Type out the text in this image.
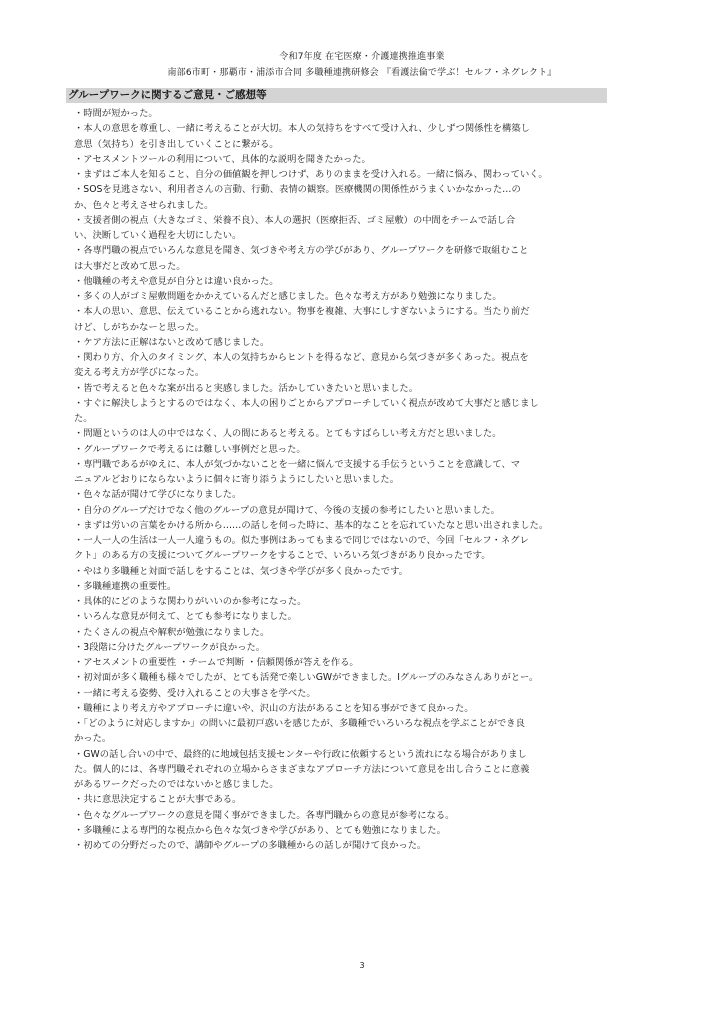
令和7年度 在宅医療・介護連携推進事業
南部6市町・那覇市・浦添市合同 多職種連携研修会 『看護法倫で学ぶ！セルフ・ネグレクト』
グループワークに関するご意見・ご感想等
・時間が短かった。
・本人の意思を尊重し、一緒に考えることが大切。本人の気持ちをすべて受け入れ、少しずつ関係性を構築し
意思（気持ち）を引き出していくことに繋がる。
・アセスメントツールの利用について、具体的な説明を聞きたかった。
・まずはご本人を知ること、自分の価値観を押しつけず、ありのままを受け入れる。一緒に悩み、関わっていく。
・SOSを見逃さない、利用者さんの言動、行動、表情の観察。医療機関の関係性がうまくいかなかった…の
か、色々と考えさせられました。
・支援者側の視点（大きなゴミ、栄養不良）、本人の選択（医療拒否、ゴミ屋敷）の中間をチームで話し合
い、決断していく過程を大切にしたい。
・各専門職の視点でいろんな意見を聞き、気づきや考え方の学びがあり、グループワークを研修で取組むこと
は大事だと改めて思った。
・他職種の考えや意見が自分とは違い良かった。
・多くの人がゴミ屋敷問題をかかえているんだと感じました。色々な考え方があり勉強になりました。
・本人の思い、意思、伝えていることから逃れない。物事を複雑、大事にしすぎないようにする。当たり前だ
けど、しがちかなーと思った。
・ケア方法に正解はないと改めて感じました。
・関わり方、介入のタイミング、本人の気持ちからヒントを得るなど、意見から気づきが多くあった。視点を
変える考え方が学びになった。
・皆で考えると色々な案が出ると実感しました。活かしていきたいと思いました。
・すぐに解決しようとするのではなく、本人の困りごとからアプローチしていく視点が改めて大事だと感じまし
た。
・問題というのは人の中ではなく、人の間にあると考える。とてもすばらしい考え方だと思いました。
・グループワークで考えるには難しい事例だと思った。
・専門職であるがゆえに、本人が気づかないことを一緒に悩んで支援する手伝うということを意識して、マ
ニュアルどおりにならないように個々に寄り添うようにしたいと思いました。
・色々な話が聞けて学びになりました。
・自分のグループだけでなく他のグループの意見が聞けて、今後の支援の参考にしたいと思いました。
・まずは労いの言葉をかける所から……の話しを伺った時に、基本的なことを忘れていたなと思い出されました。
・一人一人の生活は一人一人違うもの。似た事例はあってもまるで同じではないので、今回「セルフ・ネグレ
クト」のある方の支援についてグループワークをすることで、いろいろ気づきがあり良かったです。
・やはり多職種と対面で話しをすることは、気づきや学びが多く良かったです。
・多職種連携の重要性。
・具体的にどのような関わりがいいのか参考になった。
・いろんな意見が伺えて、とても参考になりました。
・たくさんの視点や解釈が勉強になりました。
・3段階に分けたグループワークが良かった。
・アセスメントの重要性 ・チームで判断 ・信頼関係が答えを作る。
・初対面が多く職種も様々でしたが、とても活発で楽しいGWができました。Iグループのみなさんありがとー。
・一緒に考える姿勢、受け入れることの大事さを学べた。
・職種により考え方やアプローチに違いや、沢山の方法があることを知る事ができて良かった。
・「どのように対応しますか」の問いに最初戸惑いを感じたが、多職種でいろいろな視点を学ぶことができ良
かった。
・GWの話し合いの中で、最終的に地域包括支援センターや行政に依頼するという流れになる場合がありまし
た。個人的には、各専門職それぞれの立場からさまざまなアプローチ方法について意見を出し合うことに意義
があるワークだったのではないかと感じました。
・共に意思決定することが大事である。
・色々なグループワークの意見を聞く事ができました。各専門職からの意見が参考になる。
・多職種による専門的な視点から色々な気づきや学びがあり、とても勉強になりました。
・初めての分野だったので、講師やグループの多職種からの話しが聞けて良かった。
3
